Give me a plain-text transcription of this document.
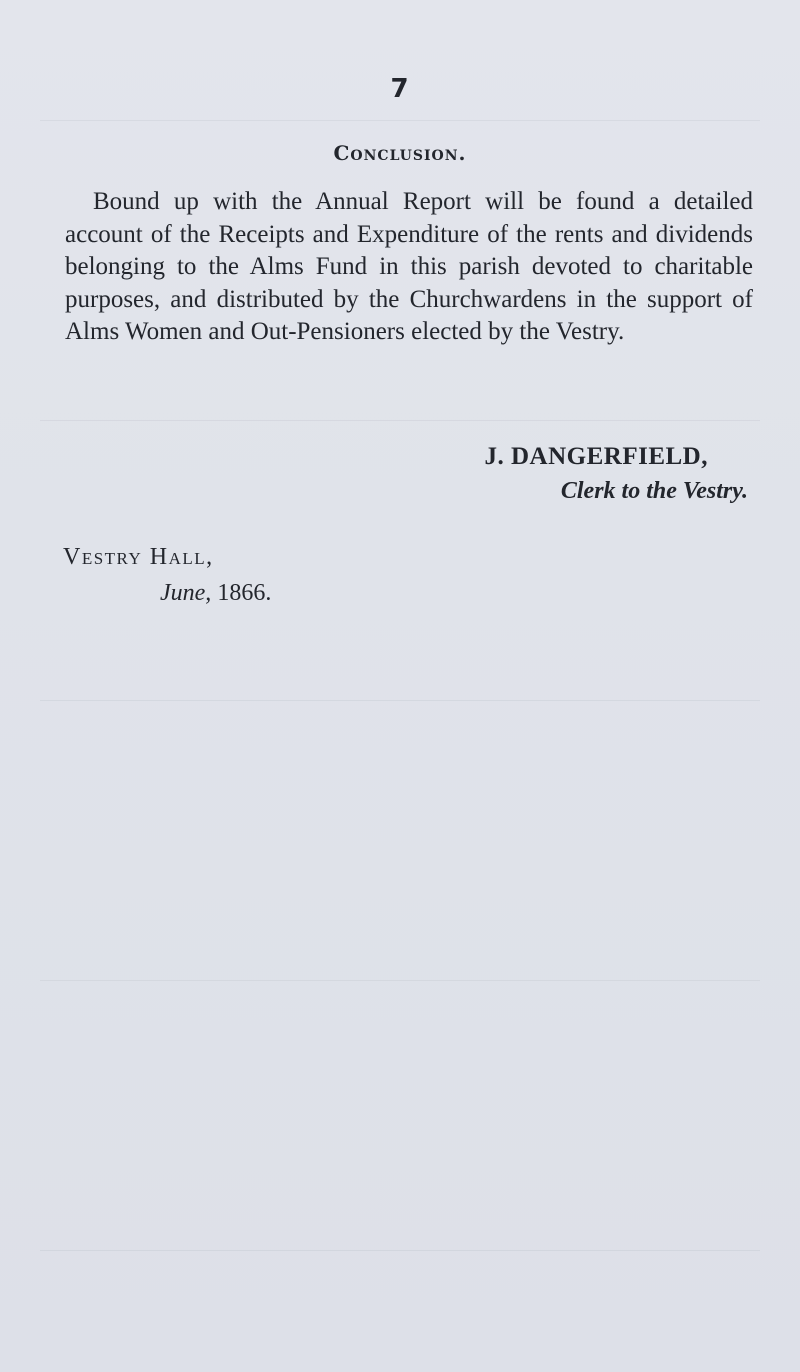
7
Conclusion.

Bound up with the Annual Report will be found a detailed account of the Receipts and Expenditure of the rents and dividends belonging to the Alms Fund in this parish devoted to charitable purposes, and distributed by the Churchwardens in the support of Alms Women and Out-Pensioners elected by the Vestry.

J. DANGERFIELD,
Clerk to the Vestry.
Vestry Hall,
June, 1866.
